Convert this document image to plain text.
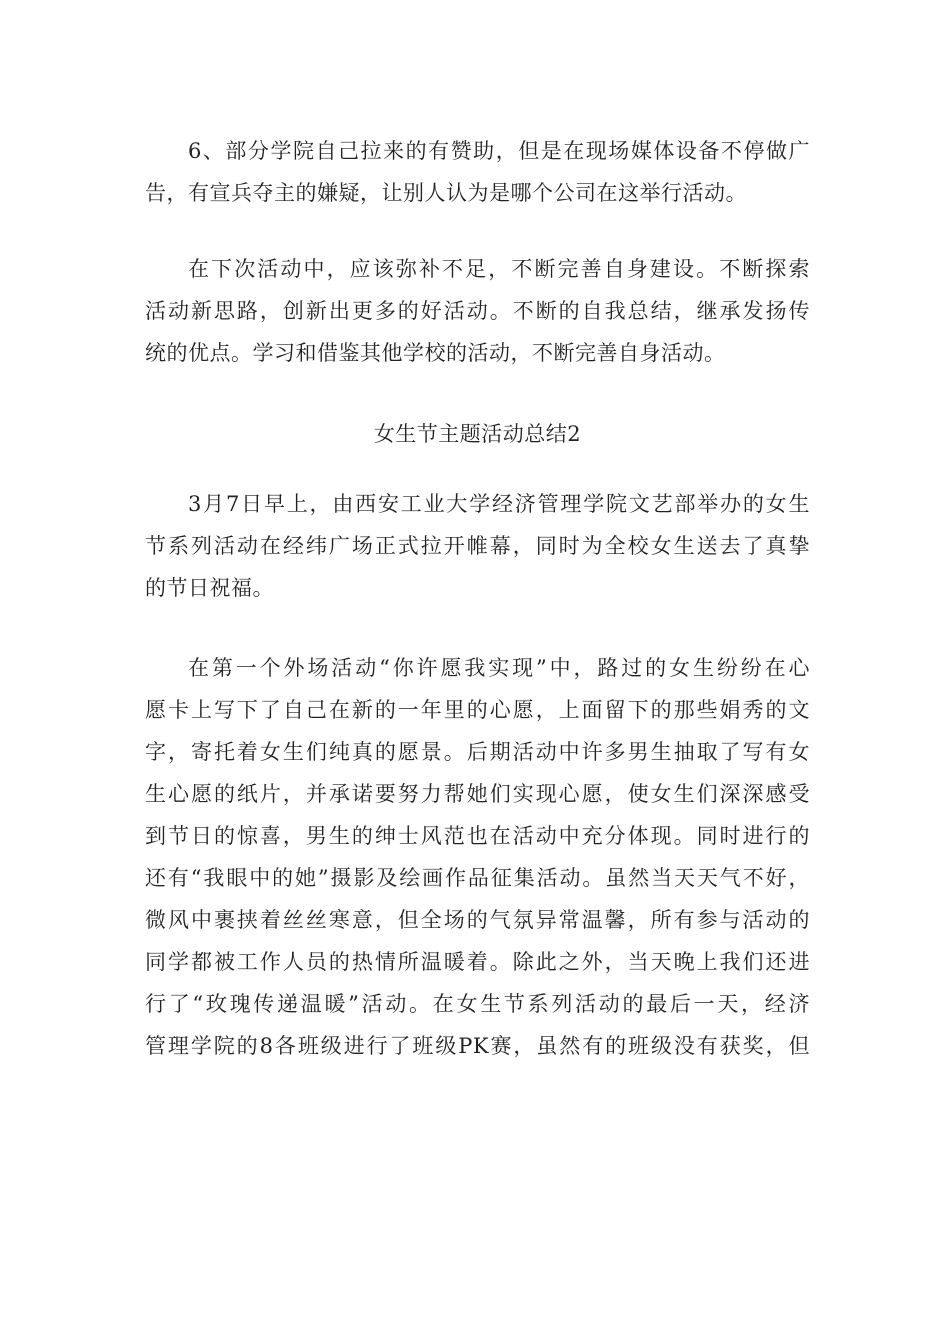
6、部分学院自己拉来的有赞助，但是在现场媒体设备不停做广
告，有宣兵夺主的嫌疑，让别人认为是哪个公司在这举行活动。
在下次活动中，应该弥补不足，不断完善自身建设。不断探索
活动新思路，创新出更多的好活动。不断的自我总结，继承发扬传
统的优点。学习和借鉴其他学校的活动，不断完善自身活动。
女生节主题活动总结2
3月7日早上，由西安工业大学经济管理学院文艺部举办的女生
节系列活动在经纬广场正式拉开帷幕，同时为全校女生送去了真挚
的节日祝福。
在第一个外场活动“你许愿我实现”中，路过的女生纷纷在心
愿卡上写下了自己在新的一年里的心愿，上面留下的那些娟秀的文
字，寄托着女生们纯真的愿景。后期活动中许多男生抽取了写有女
生心愿的纸片，并承诺要努力帮她们实现心愿，使女生们深深感受
到节日的惊喜，男生的绅士风范也在活动中充分体现。同时进行的
还有“我眼中的她”摄影及绘画作品征集活动。虽然当天天气不好，
微风中裹挟着丝丝寒意，但全场的气氛异常温馨，所有参与活动的
同学都被工作人员的热情所温暖着。除此之外，当天晚上我们还进
行了“玫瑰传递温暖”活动。在女生节系列活动的最后一天，经济
管理学院的8各班级进行了班级PK赛，虽然有的班级没有获奖，但
